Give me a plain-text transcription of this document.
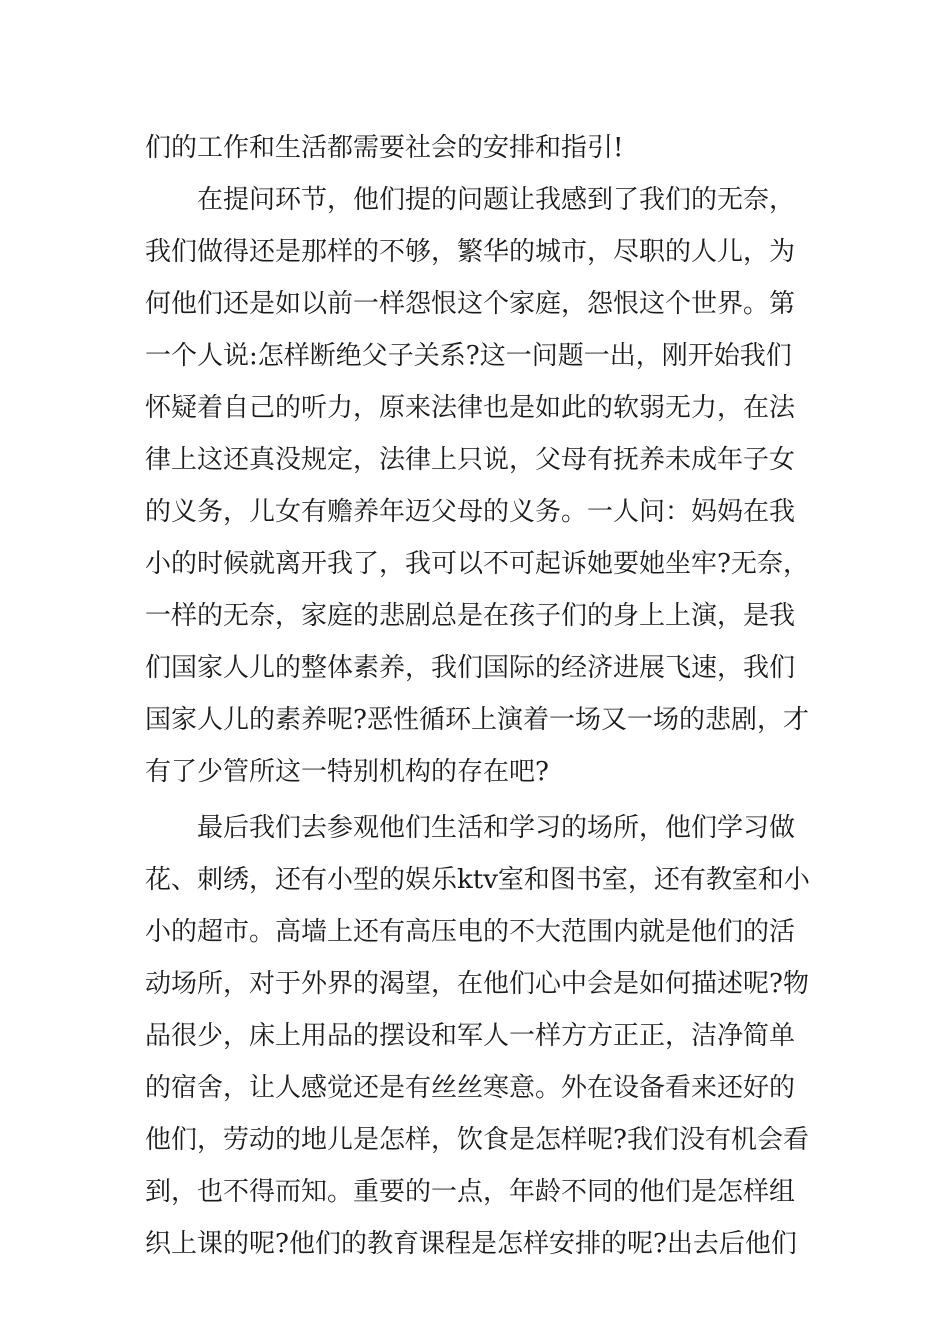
们的工作和生活都需要社会的安排和指引!
在提问环节，他们提的问题让我感到了我们的无奈，
我们做得还是那样的不够，繁华的城市，尽职的人儿，为
何他们还是如以前一样怨恨这个家庭，怨恨这个世界。第
一个人说:怎样断绝父子关系?这一问题一出，刚开始我们
怀疑着自己的听力，原来法律也是如此的软弱无力，在法
律上这还真没规定，法律上只说，父母有抚养未成年子女
的义务，儿女有赡养年迈父母的义务。一人问：妈妈在我
小的时候就离开我了，我可以不可起诉她要她坐牢?无奈，
一样的无奈，家庭的悲剧总是在孩子们的身上上演，是我
们国家人儿的整体素养，我们国际的经济进展飞速，我们
国家人儿的素养呢?恶性循环上演着一场又一场的悲剧，才
有了少管所这一特别机构的存在吧?
最后我们去参观他们生活和学习的场所，他们学习做
花、刺绣，还有小型的娱乐ktv室和图书室，还有教室和小
小的超市。高墙上还有高压电的不大范围内就是他们的活
动场所，对于外界的渴望，在他们心中会是如何描述呢?物
品很少，床上用品的摆设和军人一样方方正正，洁净简单
的宿舍，让人感觉还是有丝丝寒意。外在设备看来还好的
他们，劳动的地儿是怎样，饮食是怎样呢?我们没有机会看
到，也不得而知。重要的一点，年龄不同的他们是怎样组
织上课的呢?他们的教育课程是怎样安排的呢?出去后他们
